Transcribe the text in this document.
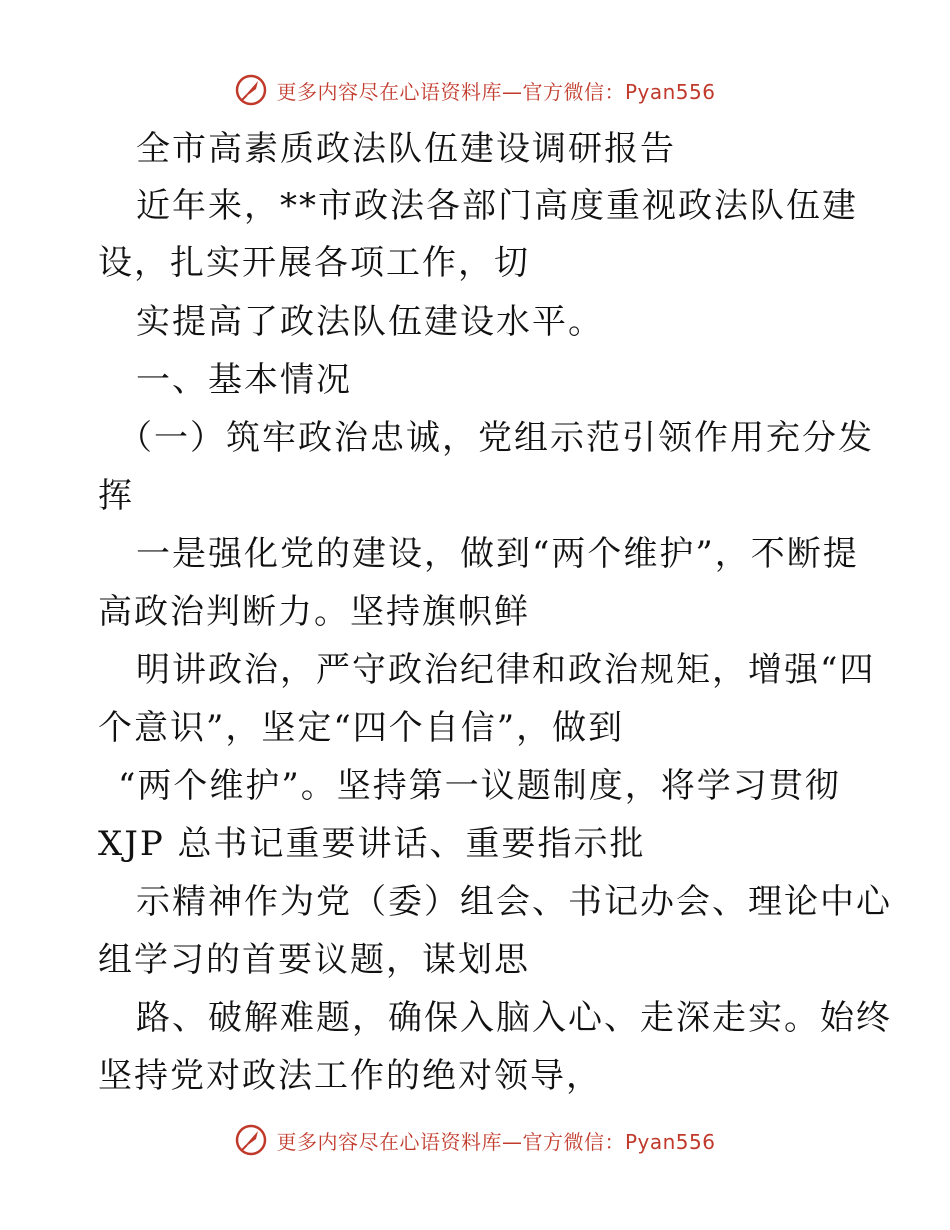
更多内容尽在心语资料库—官方微信：Pyan556
全市高素质政法队伍建设调研报告
近年来，**市政法各部门高度重视政法队伍建
设，扎实开展各项工作，切
实提高了政法队伍建设水平。
一、基本情况
（一）筑牢政治忠诚，党组示范引领作用充分发
挥
一是强化党的建设，做到“两个维护”，不断提
高政治判断力。坚持旗帜鲜
明讲政治，严守政治纪律和政治规矩，增强“四
个意识”，坚定“四个自信”，做到
“两个维护”。坚持第一议题制度，将学习贯彻
XJP 总书记重要讲话、重要指示批
示精神作为党（委）组会、书记办会、理论中心
组学习的首要议题，谋划思
路、破解难题，确保入脑入心、走深走实。始终
坚持党对政法工作的绝对领导，
更多内容尽在心语资料库—官方微信：Pyan556
